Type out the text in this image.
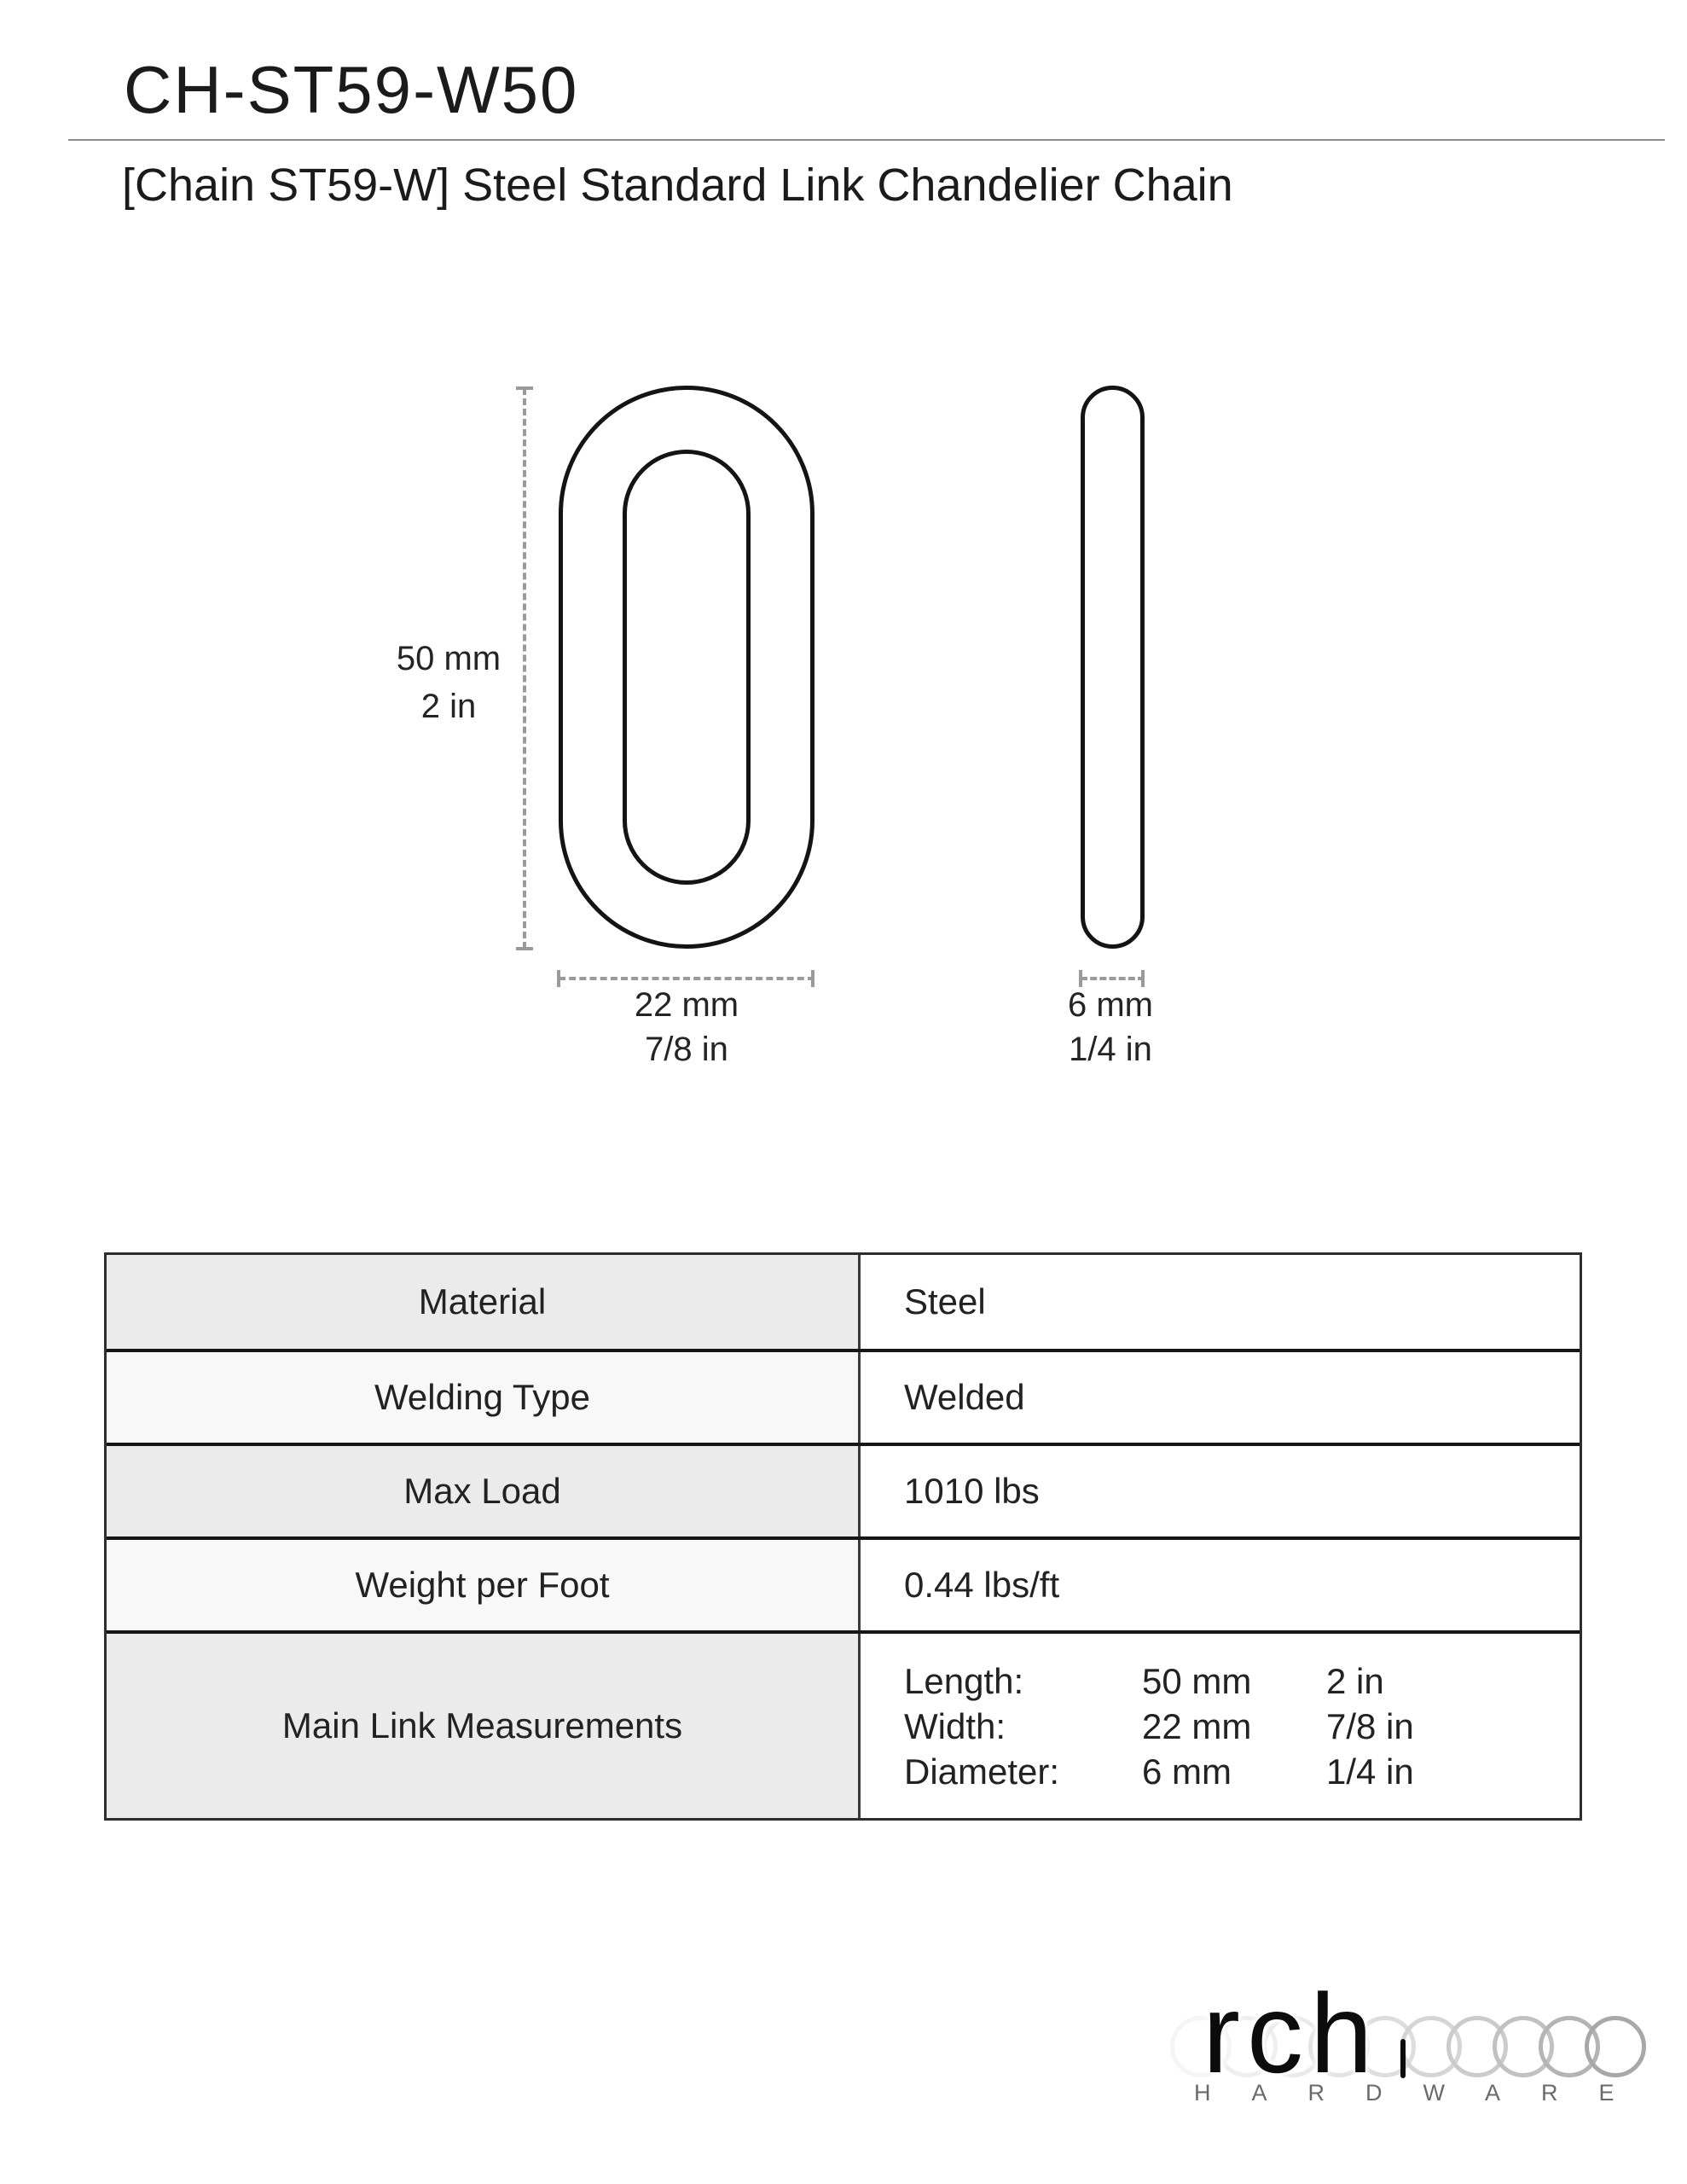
CH-ST59-W50
[Chain ST59-W] Steel Standard Link Chandelier Chain
50 mm
2 in
22 mm
7/8 in
6 mm
1/4 in
Material	Steel
Welding Type	Welded
Max Load	1010 lbs
Weight per Foot	0.44 lbs/ft
Main Link Measurements
Length:	50 mm	2 in
Width:	22 mm	7/8 in
Diameter:	6 mm	1/4 in
rch
HARDWARE
